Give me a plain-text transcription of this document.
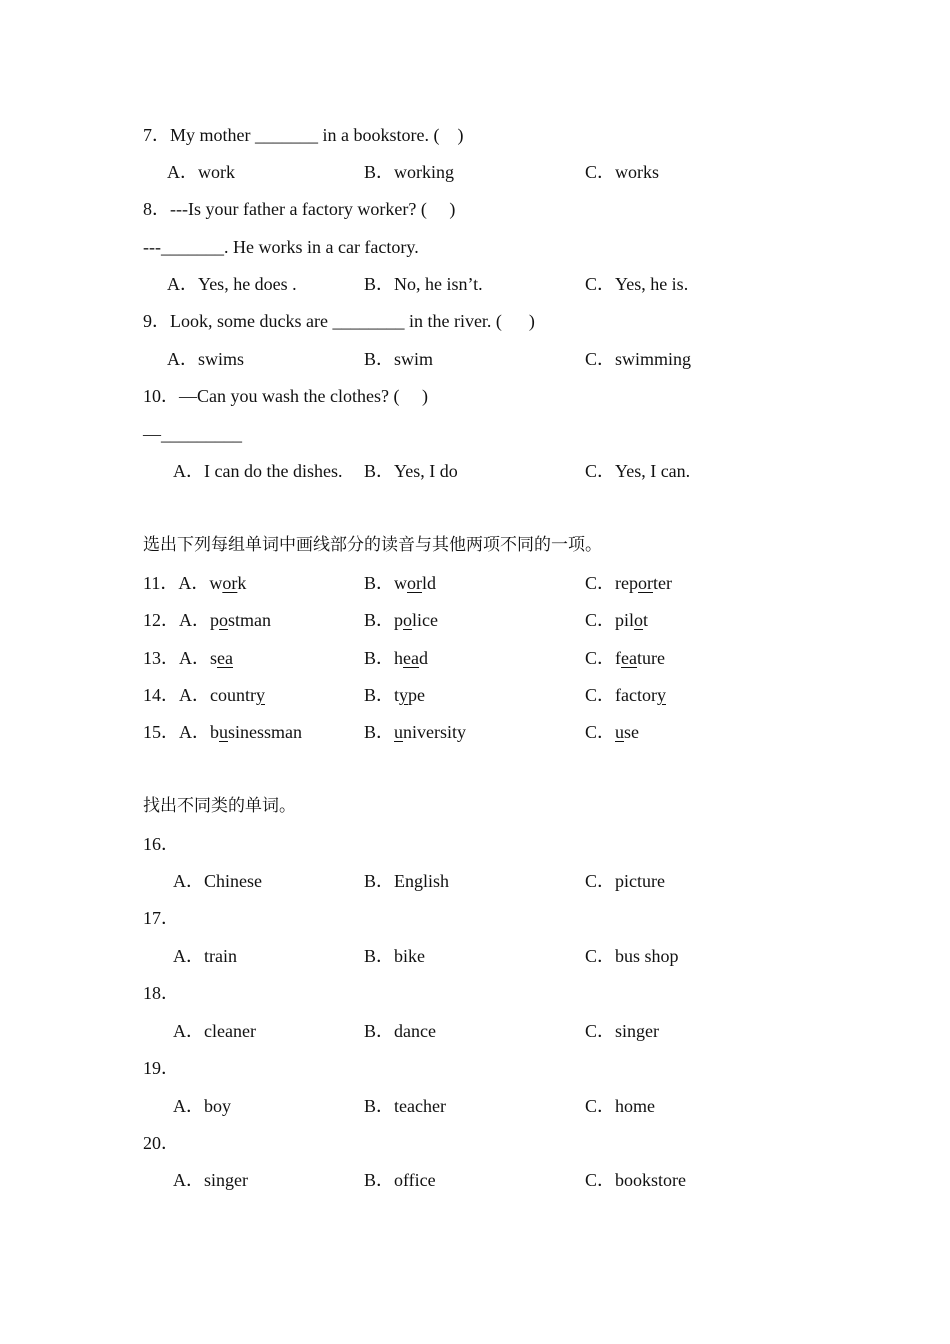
7．My mother _______ in a bookstore. (    )
A．work	B．working	C．works
8．---Is your father a factory worker? (     )
---_______. He works in a car factory.
A．Yes, he does .	B．No, he isn’t.	C．Yes, he is.
9．Look, some ducks are ________ in the river. (      )
A．swims	B．swim	C．swimming
10．—Can you wash the clothes? (     )
—_________
A．I can do the dishes. B．Yes, I do	C．Yes, I can.
选出下列每组单词中画线部分的读音与其他两项不同的一项。
11．A．work	B．world	C．reporter
12．A．postman	B．police	C．pilot
13．A．sea	B．head	C．feature
14．A．country	B．type	C．factory
15．A．businessman	B．university	C．use
找出不同类的单词。
16．
A．Chinese	B．English	C．picture
17．
A．train	B．bike	C．bus shop
18．
A．cleaner	B．dance	C．singer
19．
A．boy	B．teacher	C．home
20．
A．singer	B．office	C．bookstore
